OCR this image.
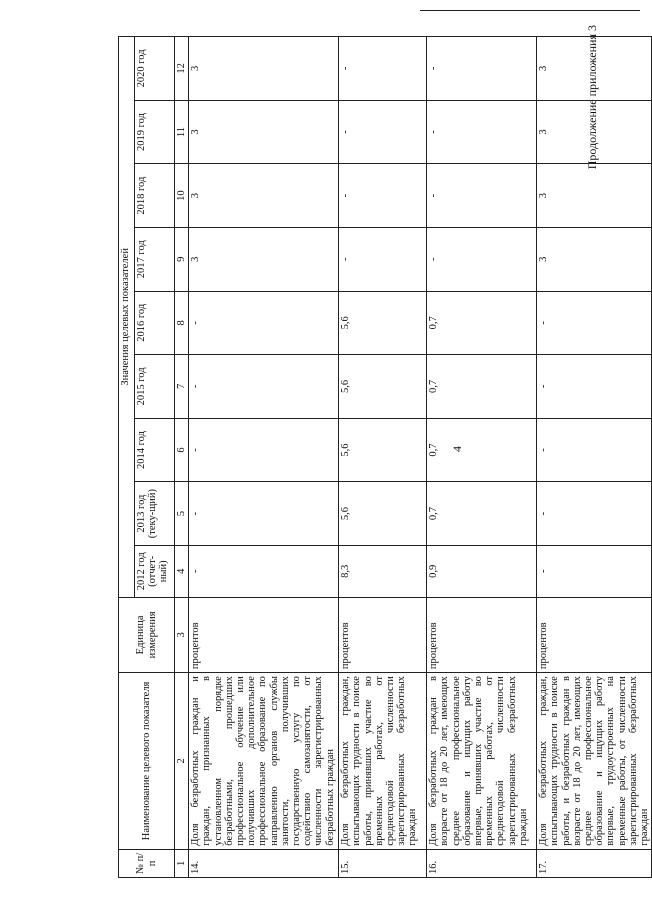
4
Продолжение приложения 3
№ п/п	Наименование целевого показателя	Единица измерения	Значения целевых показателей								
			2012 год (отчет-ный)	2013 год (теку-щий)	2014 год	2015 год	2016 год	2017 год	2018 год	2019 год	2020 год
1	2	3	4	5	6	7	8	9	10	11	12
14.	Доля безработных граждан и граждан, признанных в установленном порядке безработными, прошедших профессиональное обучение или получивших дополнительное профессиональное образование по направлению органов службы занятости, получивших государственную услугу по содействию самозанятости, от численности зарегистрированных безработных граждан	процентов	-	-	-	-	-	3	3	3	3
15.	Доля безработных граждан, испытывающих трудности в поиске работы, принявших участие во временных работах, от среднегодовой численности зарегистрированных безработных граждан	процентов	8,3	5,6	5,6	5,6	5,6	-	-	-	-
16.	Доля безработных граждан в возрасте от 18 до 20 лет, имеющих среднее профессиональное образование и ищущих работу впервые, принявших участие во временных работах, от среднегодовой численности зарегистрированных безработных граждан	процентов	0,9	0,7	0,7	0,7	0,7	-	-	-	-
17.	Доля безработных граждан, испытывающих трудности в поиске работы, и безработных граждан в возрасте от 18 до 20 лет, имеющих среднее профессиональное образование и ищущих работу впервые, трудоустроенных на временные работы, от численности зарегистрированных безработных граждан	процентов	-	-	-	-	-	3	3	3	3
